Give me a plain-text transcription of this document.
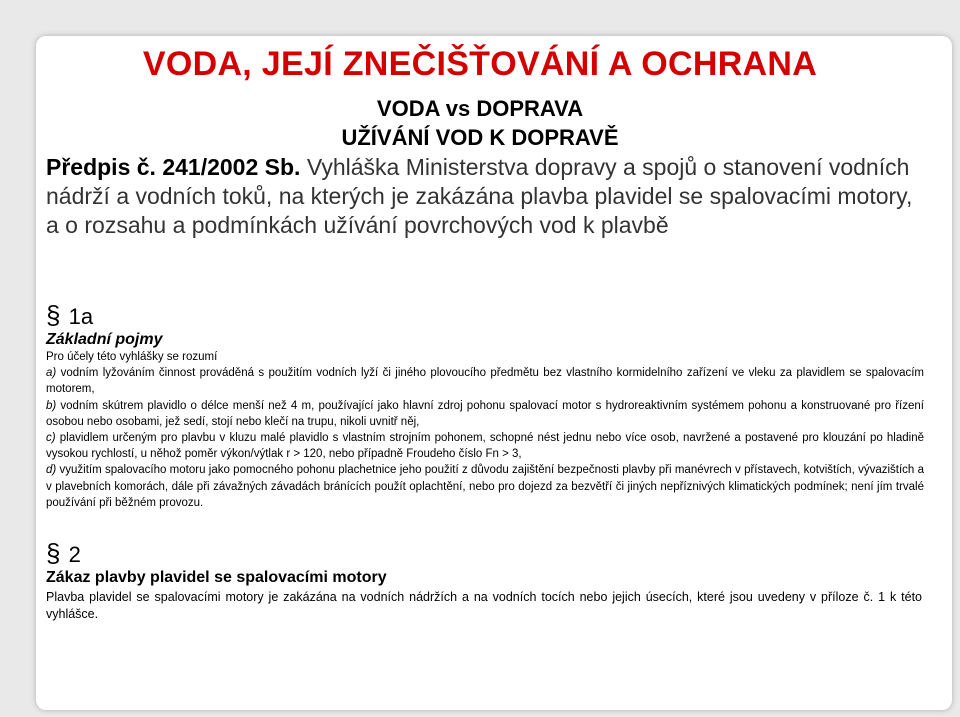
VODA, JEJÍ ZNEČIŠŤOVÁNÍ A OCHRANA
VODA vs DOPRAVA
UŽÍVÁNÍ VOD K DOPRAVĚ

Předpis č. 241/2002 Sb. Vyhláška Ministerstva dopravy a spojů o stanovení vodních nádrží a vodních toků, na kterých je zakázána plavba plavidel se spalovacími motory, a o rozsahu a podmínkách užívání povrchových vod k plavbě

§ 1a
Základní pojmy

Pro účely této vyhlášky se rozumí

a) vodním lyžováním činnost prováděná s použitím vodních lyží či jiného plovoucího předmětu bez vlastního kormidelního zařízení ve vleku za plavidlem se spalovacím motorem,

b) vodním skútrem plavidlo o délce menší než 4 m, používající jako hlavní zdroj pohonu spalovací motor s hydroreaktivním systémem pohonu a konstruované pro řízení osobou nebo osobami, jež sedí, stojí nebo klečí na trupu, nikoli uvnitř něj,

c) plavidlem určeným pro plavbu v kluzu malé plavidlo s vlastním strojním pohonem, schopné nést jednu nebo více osob, navržené a postavené pro klouzání po hladině vysokou rychlostí, u něhož poměr výkon/výtlak r > 120, nebo případně Froudeho číslo Fn > 3,

d) využitím spalovacího motoru jako pomocného pohonu plachetnice jeho použití z důvodu zajištění bezpečnosti plavby při manévrech v přístavech, kotvištích, vývazištích a v plavebních komorách, dále při závažných závadách bránících použít oplachtění, nebo pro dojezd za bezvětří či jiných nepříznivých klimatických podmínek; není jím trvalé používání při běžném provozu.

§ 2
Zákaz plavby plavidel se spalovacími motory

Plavba plavidel se spalovacími motory je zakázána na vodních nádržích a na vodních tocích nebo jejich úsecích, které jsou uvedeny v příloze č. 1 k této vyhlášce.
